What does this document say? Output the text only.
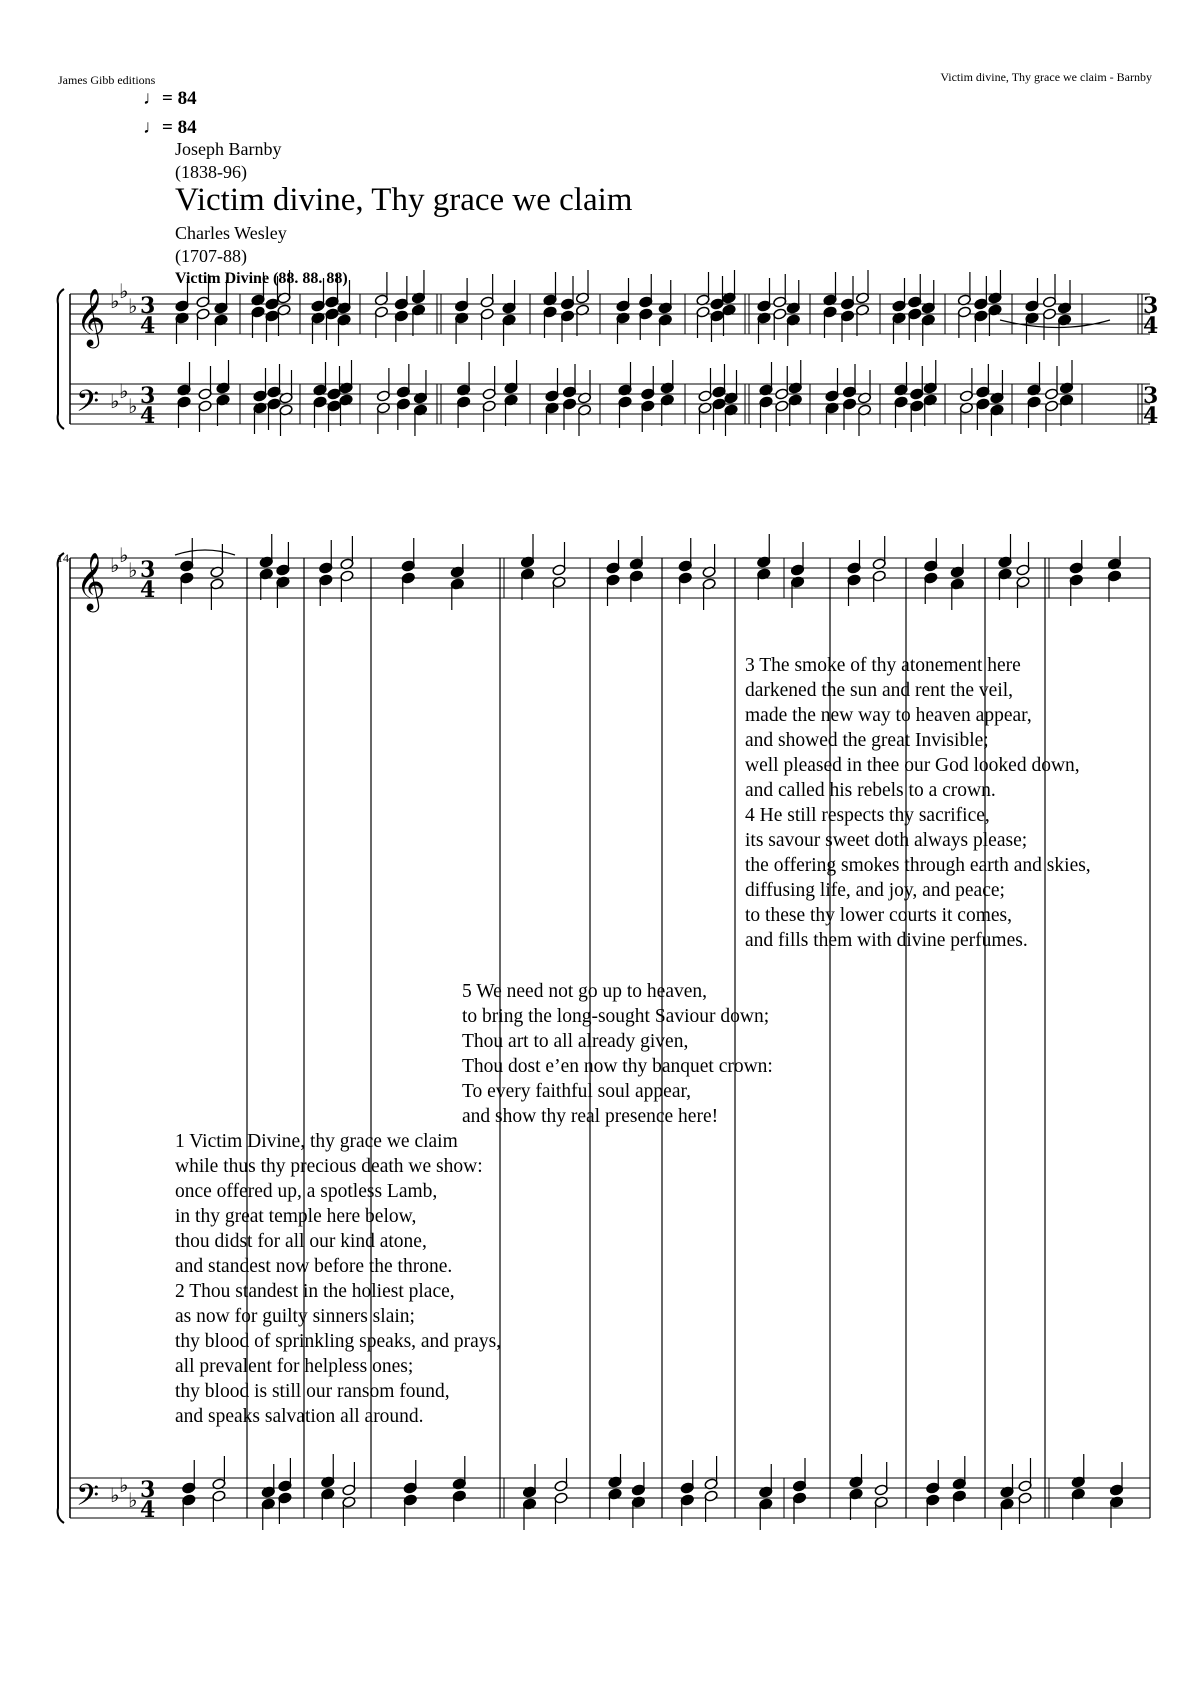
James Gibb editions	Victim divine, Thy grace we claim - Barnby
♩= 84
♩= 84
Joseph Barnby
(1838-96)
Victim divine, Thy grace we claim
Charles Wesley
(1707-88)
Victim Divine (88. 88. 88)
14
3 The smoke of thy atonement here
darkened the sun and rent the veil,
made the new way to heaven appear,
and showed the great Invisible;
well pleased in thee our God looked down,
and called his rebels to a crown.
4 He still respects thy sacrifice,
its savour sweet doth always please;
the offering smokes through earth and skies,
diffusing life, and joy, and peace;
to these thy lower courts it comes,
and fills them with divine perfumes.
5 We need not go up to heaven,
to bring the long-sought Saviour down;
Thou art to all already given,
Thou dost e’en now thy banquet crown:
To every faithful soul appear,
and show thy real presence here!
1 Victim Divine, thy grace we claim
while thus thy precious death we show:
once offered up, a spotless Lamb,
in thy great temple here below,
thou didst for all our kind atone,
and standest now before the throne.
2 Thou standest in the holiest place,
as now for guilty sinners slain;
thy blood of sprinkling speaks, and prays,
all prevalent for helpless ones;
thy blood is still our ransom found,
and speaks salvation all around.
𝄞
𝄢
♭ ♭
♭
♭ ♭
♭
3
4
3
4
3
4
3
4
𝄞
𝄢
♭ ♭
♭
♭ ♭
♭
3
4
3
4
